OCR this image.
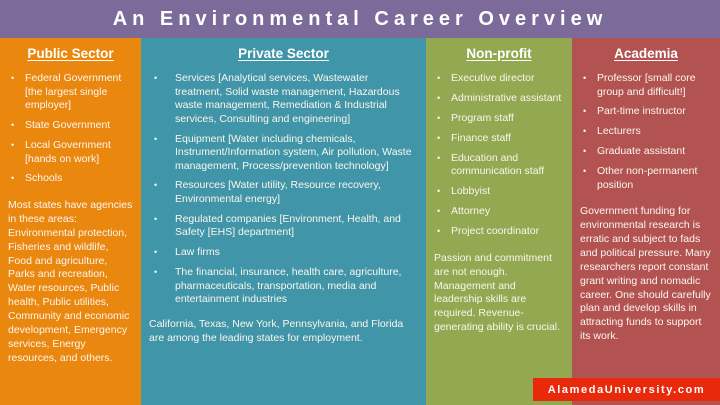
An Environmental Career Overview
Public Sector
•	Federal Government [the largest single employer]
•	State Government
•	Local Government [hands on work]
•	Schools

Most states have agencies in these areas: Environmental protection, Fisheries and wildlife, Food and agriculture, Parks and recreation, Water resources, Public health, Public utilities, Community and economic development, Emergency services, Energy resources, and others.

Private Sector
•	Services [Analytical services, Wastewater treatment, Solid waste management, Hazardous waste management, Remediation & Industrial services, Consulting and engineering]
•	Equipment [Water including chemicals, Instrument/Information system, Air pollution, Waste management, Process/prevention technology]
•	Resources [Water utility, Resource recovery, Environmental energy]
•	Regulated companies [Environment, Health, and Safety [EHS] department]
•	Law firms
•	The financial, insurance, health care, agriculture, pharmaceuticals, transportation, media and entertainment industries

California, Texas, New York, Pennsylvania, and Florida are among the leading states for employment.

Non-profit
•	Executive director
•	Administrative assistant
•	Program staff
•	Finance staff
•	Education and communication staff
•	Lobbyist
•	Attorney
•	Project coordinator

Passion and commitment are not enough. Management and leadership skills are required. Revenue-generating ability is crucial.

Academia
•	Professor [small core group and difficult!]
•	Part-time instructor
•	Lecturers
•	Graduate assistant
•	Other non-permanent position

Government funding for environmental research is erratic and subject to fads and political pressure. Many researchers report constant grant writing and nomadic career. One should carefully plan and develop skills in attracting funds to support its work.

AlamedaUniversity.com
